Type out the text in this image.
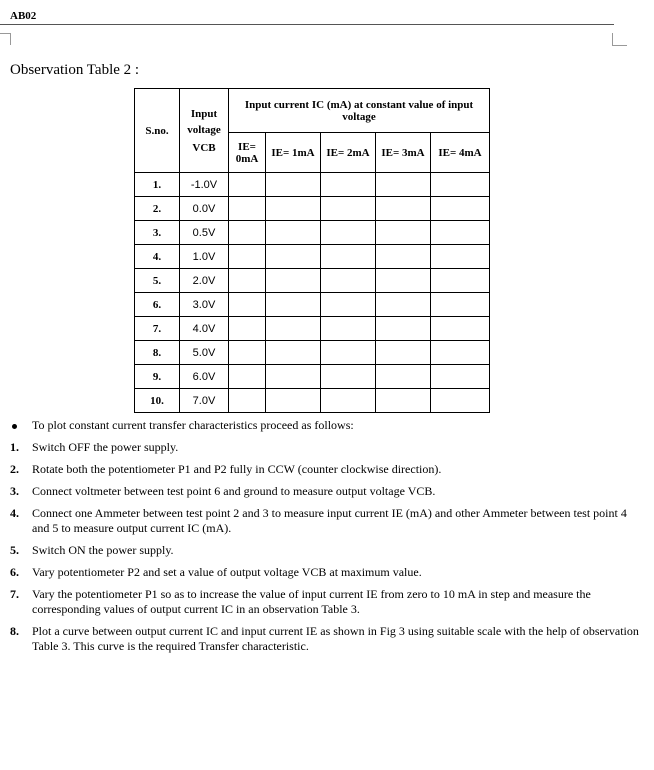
AB02
Observation Table 2 :
S.no.	Input
voltage
VCB	Input current IC (mA) at constant value of input voltage				
		IE= 0mA	IE= 1mA	IE= 2mA	IE= 3mA	IE= 4mA
1.	-1.0V					
2.	0.0V					
3.	0.5V					
4.	1.0V					
5.	2.0V					
6.	3.0V					
7.	4.0V					
8.	5.0V					
9.	6.0V					
10.	7.0V					
To plot constant current transfer characteristics proceed as follows:
1. Switch OFF the power supply.
2. Rotate both the potentiometer P1 and P2 fully in CCW (counter clockwise direction).
3. Connect voltmeter between test point 6 and ground to measure output voltage VCB.
4. Connect one Ammeter between test point 2 and 3 to measure input current IE (mA) and other Ammeter between test point 4 and 5 to measure output current IC (mA).
5. Switch ON the power supply.
6. Vary potentiometer P2 and set a value of output voltage VCB at maximum value.
7. Vary the potentiometer P1 so as to increase the value of input current IE from zero to 10 mA in step and measure the corresponding values of output current IC in an observation Table 3.
8. Plot a curve between output current IC and input current IE as shown in Fig 3 using suitable scale with the help of observation Table 3. This curve is the required Transfer characteristic.
